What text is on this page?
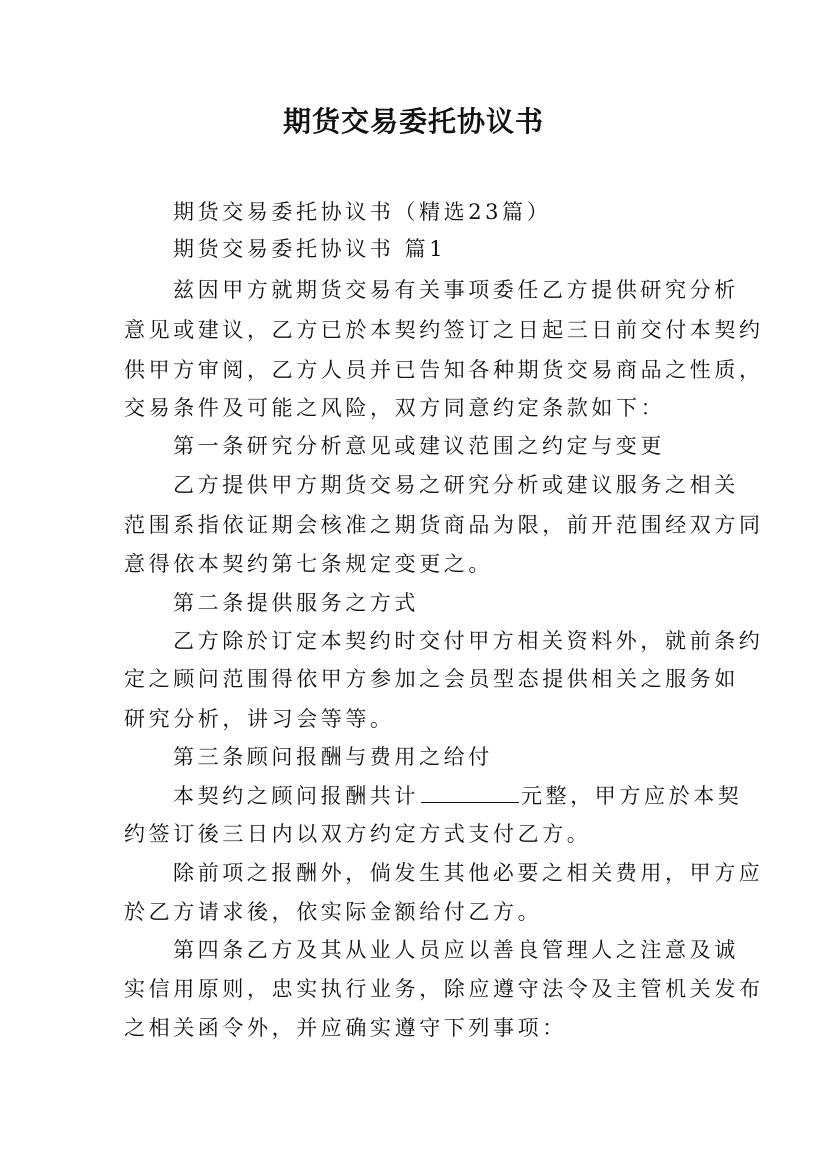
期货交易委托协议书
期货交易委托协议书（精选23篇）
期货交易委托协议书 篇1
兹因甲方就期货交易有关事项委任乙方提供研究分析
意见或建议，乙方已於本契约签订之日起三日前交付本契约
供甲方审阅，乙方人员并已告知各种期货交易商品之性质，
交易条件及可能之风险，双方同意约定条款如下：
第一条研究分析意见或建议范围之约定与变更
乙方提供甲方期货交易之研究分析或建议服务之相关
范围系指依证期会核准之期货商品为限，前开范围经双方同
意得依本契约第七条规定变更之。
第二条提供服务之方式
乙方除於订定本契约时交付甲方相关资料外，就前条约
定之顾问范围得依甲方参加之会员型态提供相关之服务如
研究分析，讲习会等等。
第三条顾问报酬与费用之给付
本契约之顾问报酬共计	元整，甲方应於本契
约签订後三日内以双方约定方式支付乙方。
除前项之报酬外，倘发生其他必要之相关费用，甲方应
於乙方请求後，依实际金额给付乙方。
第四条乙方及其从业人员应以善良管理人之注意及诚
实信用原则，忠实执行业务，除应遵守法令及主管机关发布
之相关函令外，并应确实遵守下列事项：
